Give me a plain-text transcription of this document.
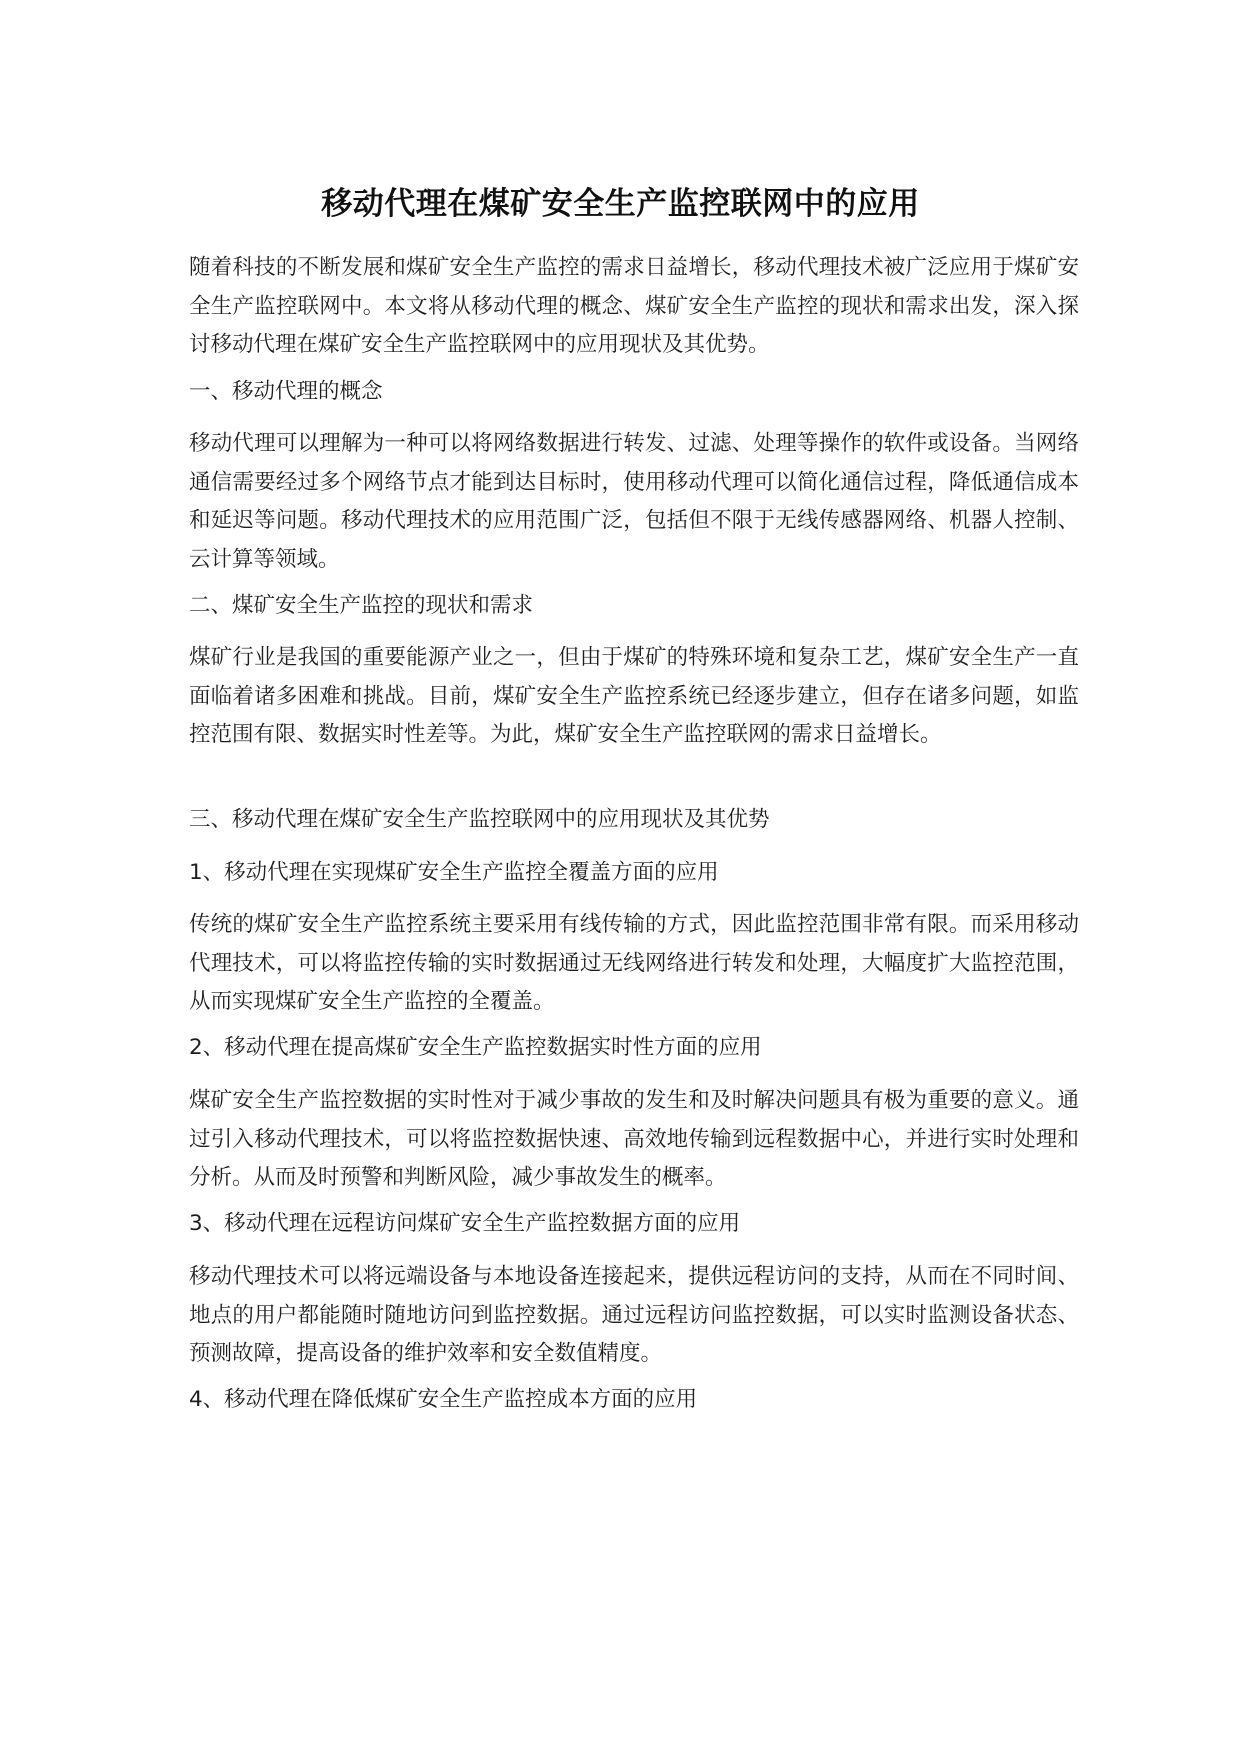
移动代理在煤矿安全生产监控联网中的应用

随着科技的不断发展和煤矿安全生产监控的需求日益增长，移动代理技术被广泛应用于煤矿安全生产监控联网中。本文将从移动代理的概念、煤矿安全生产监控的现状和需求出发，深入探讨移动代理在煤矿安全生产监控联网中的应用现状及其优势。

一、移动代理的概念

移动代理可以理解为一种可以将网络数据进行转发、过滤、处理等操作的软件或设备。当网络通信需要经过多个网络节点才能到达目标时，使用移动代理可以简化通信过程，降低通信成本和延迟等问题。移动代理技术的应用范围广泛，包括但不限于无线传感器网络、机器人控制、云计算等领域。

二、煤矿安全生产监控的现状和需求

煤矿行业是我国的重要能源产业之一，但由于煤矿的特殊环境和复杂工艺，煤矿安全生产一直面临着诸多困难和挑战。目前，煤矿安全生产监控系统已经逐步建立，但存在诸多问题，如监控范围有限、数据实时性差等。为此，煤矿安全生产监控联网的需求日益增长。

三、移动代理在煤矿安全生产监控联网中的应用现状及其优势

1、移动代理在实现煤矿安全生产监控全覆盖方面的应用

传统的煤矿安全生产监控系统主要采用有线传输的方式，因此监控范围非常有限。而采用移动代理技术，可以将监控传输的实时数据通过无线网络进行转发和处理，大幅度扩大监控范围，从而实现煤矿安全生产监控的全覆盖。

2、移动代理在提高煤矿安全生产监控数据实时性方面的应用

煤矿安全生产监控数据的实时性对于减少事故的发生和及时解决问题具有极为重要的意义。通过引入移动代理技术，可以将监控数据快速、高效地传输到远程数据中心，并进行实时处理和分析。从而及时预警和判断风险，减少事故发生的概率。

3、移动代理在远程访问煤矿安全生产监控数据方面的应用

移动代理技术可以将远端设备与本地设备连接起来，提供远程访问的支持，从而在不同时间、地点的用户都能随时随地访问到监控数据。通过远程访问监控数据，可以实时监测设备状态、预测故障，提高设备的维护效率和安全数值精度。

4、移动代理在降低煤矿安全生产监控成本方面的应用
